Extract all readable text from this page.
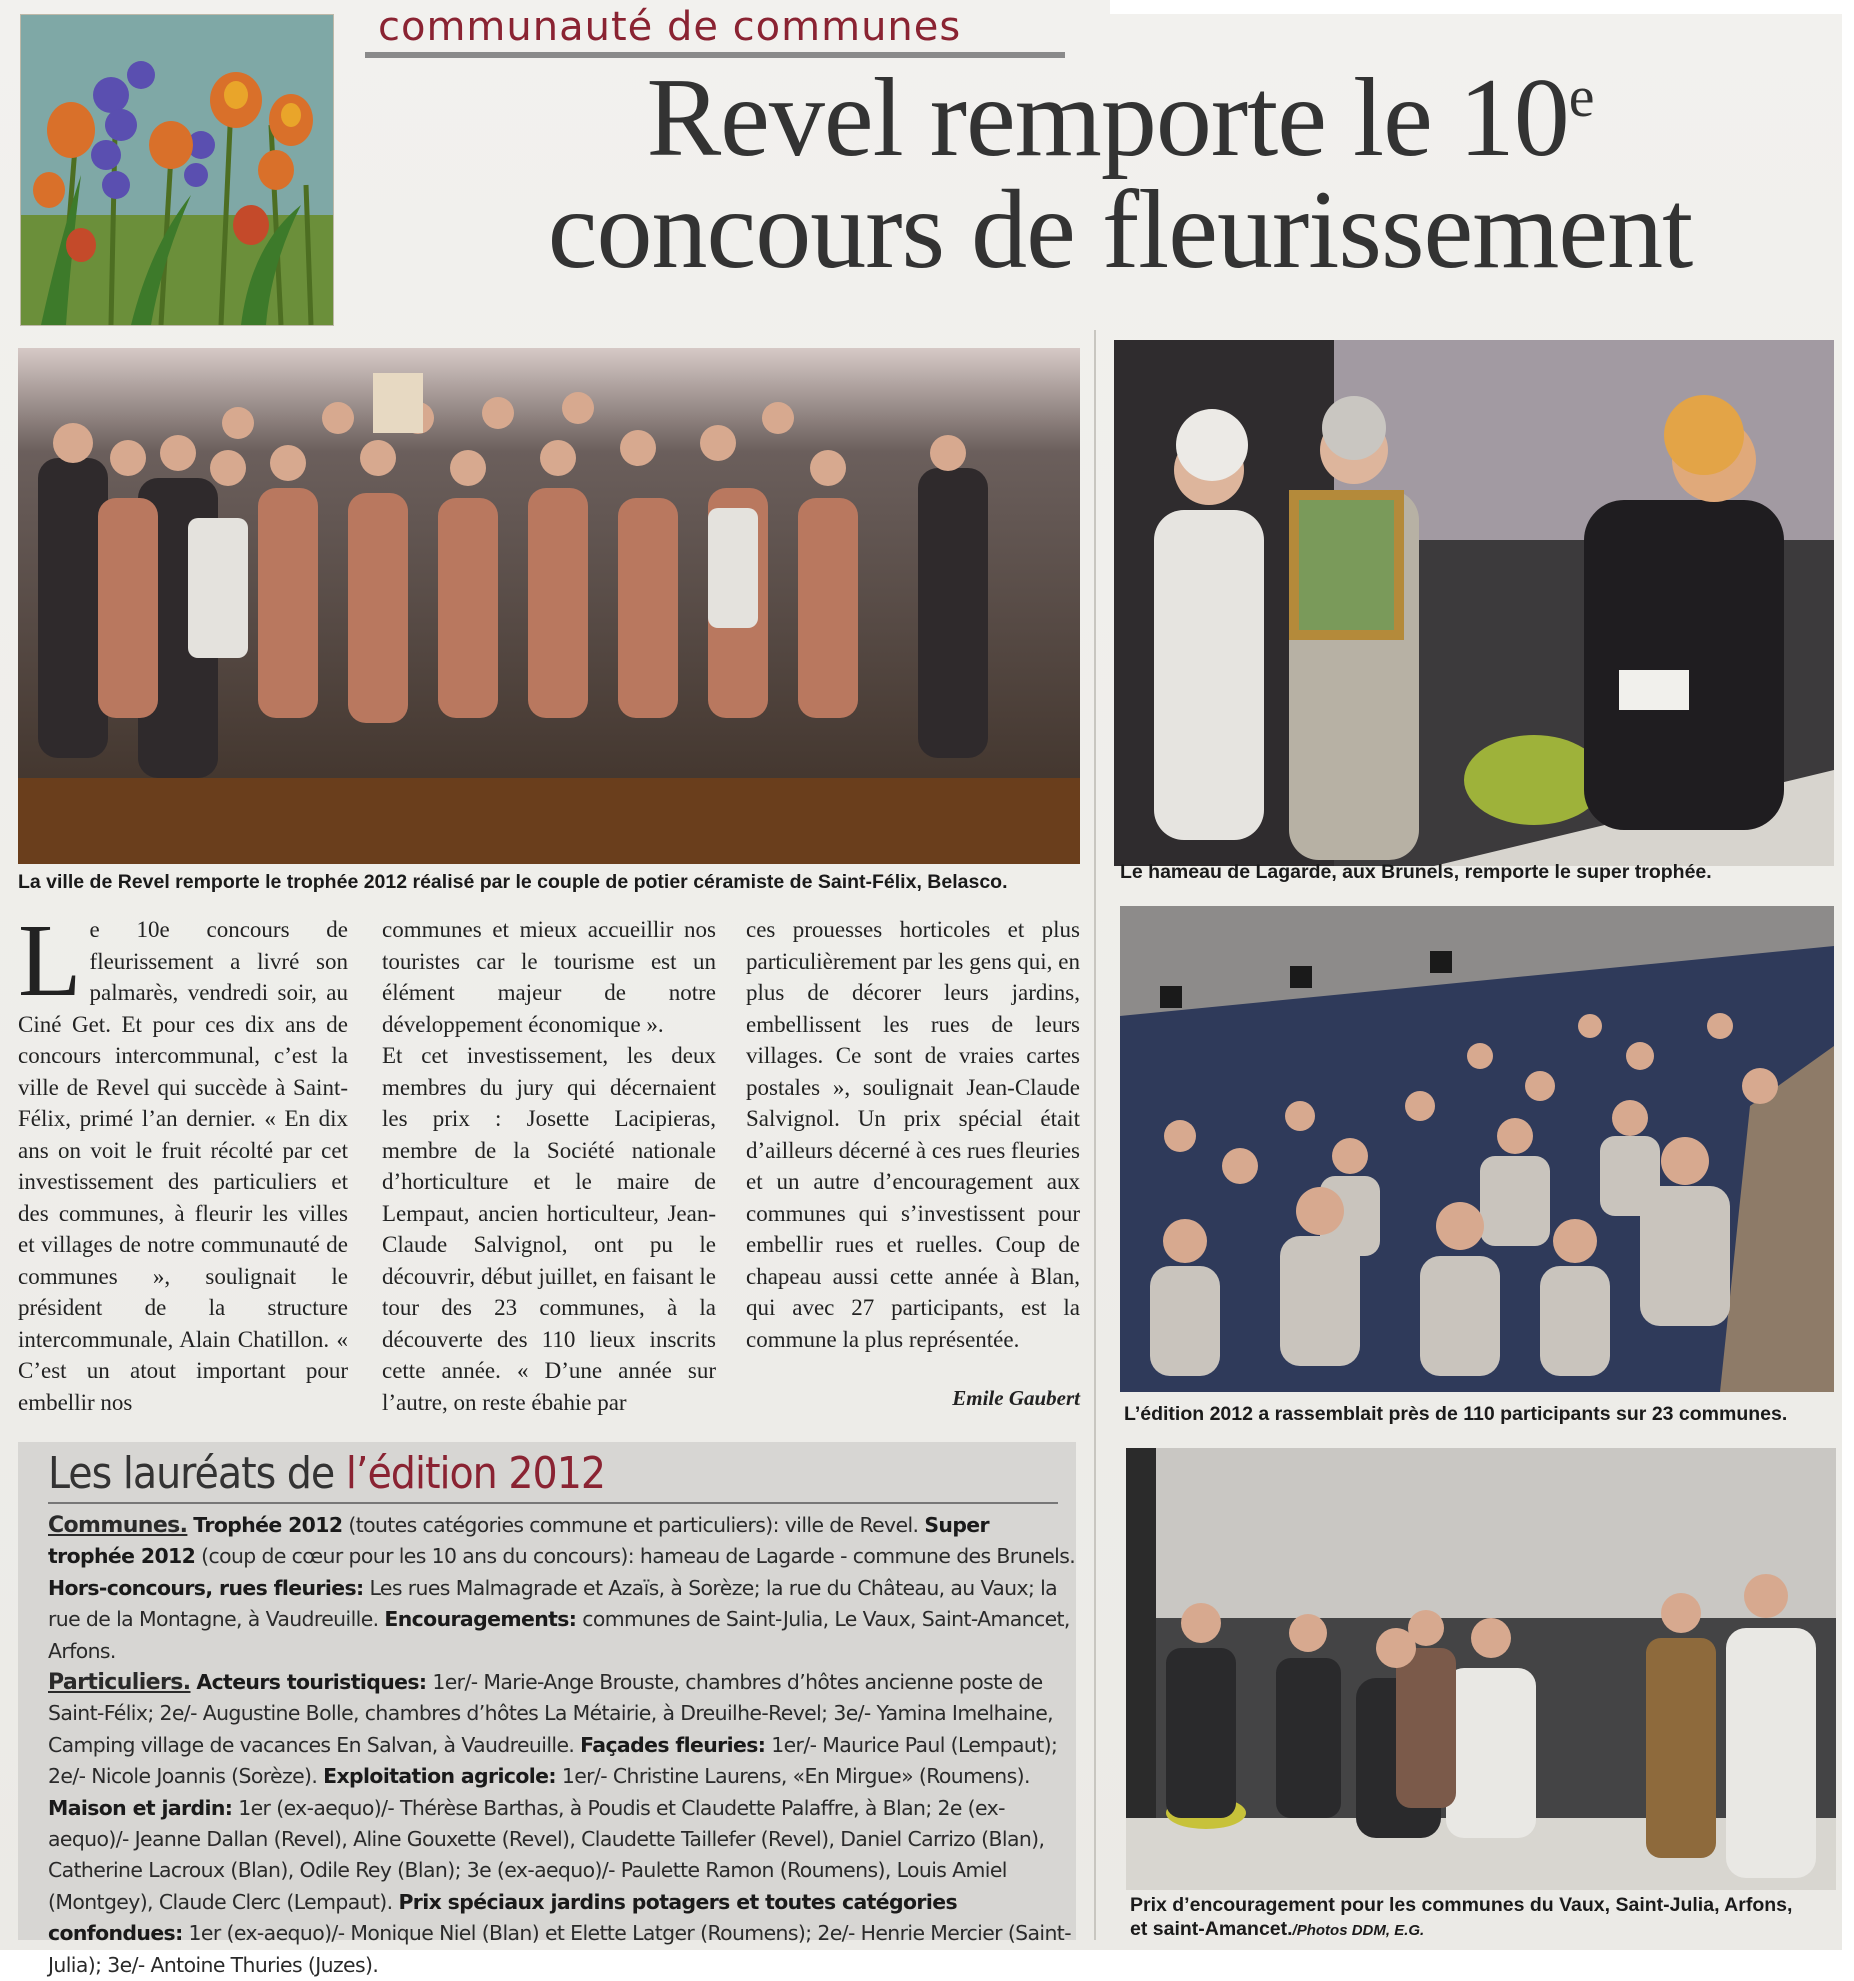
communauté de communes
Revel remporte le 10e
concours de fleurissement
La ville de Revel remporte le trophée 2012 réalisé par le couple de potier céramiste de Saint-Félix, Belasco.	Le hameau de Lagarde, aux Brunels, remporte le super trophée.
L’édition 2012 a rassemblait près de 110 participants sur 23 communes.
Prix d’encouragement pour les communes du Vaux, Saint-Julia, Arfons,
et saint-Amancet./Photos DDM, E.G.
L e 10e concours de fleurissement a livré son palmarès, vendredi soir, au Ciné Get. Et pour ces dix ans de concours intercommunal, c’est la ville de Revel qui succède à Saint-Félix, primé l’an dernier. « En dix ans on voit le fruit récolté par cet investissement des particuliers et des communes, à fleurir les villes et villages de notre communauté de communes », soulignait le président de la structure intercommunale, Alain Chatillon. « C’est un atout important pour embellir nos

communes et mieux accueillir nos touristes car le tourisme est un élément majeur de notre développement économique ».

Et cet investissement, les deux membres du jury qui décernaient les prix : Josette Lacipieras, membre de la Société nationale d’horticulture et le maire de Lempaut, ancien horticulteur, Jean-Claude Salvignol, ont pu le découvrir, début juillet, en faisant le tour des 23 communes, à la découverte des 110 lieux inscrits cette année. « D’une année sur l’autre, on reste ébahie par

ces prouesses horticoles et plus particulièrement par les gens qui, en plus de décorer leurs jardins, embellissent les rues de leurs villages. Ce sont de vraies cartes postales », soulignait Jean-Claude Salvignol. Un prix spécial était d’ailleurs décerné à ces rues fleuries et un autre d’encouragement aux communes qui s’investissent pour embellir rues et ruelles. Coup de chapeau aussi cette année à Blan, qui avec 27 participants, est la commune la plus représentée.

Emile Gaubert
Les lauréats de l’édition 2012
Communes. Trophée 2012 (toutes catégories commune et particuliers): ville de Revel. Super trophée 2012 (coup de cœur pour les 10 ans du concours): hameau de Lagarde - commune des Brunels. Hors-concours, rues fleuries: Les rues Malmagrade et Azaïs, à Sorèze; la rue du Château, au Vaux; la rue de la Montagne, à Vaudreuille. Encouragements: communes de Saint-Julia, Le Vaux, Saint-Amancet, Arfons.
Particuliers. Acteurs touristiques: 1er/- Marie-Ange Brouste, chambres d’hôtes ancienne poste de Saint-Félix; 2e/- Augustine Bolle, chambres d’hôtes La Métairie, à Dreuilhe-Revel; 3e/- Yamina Imelhaine, Camping village de vacances En Salvan, à Vaudreuille. Façades fleuries: 1er/- Maurice Paul (Lempaut); 2e/- Nicole Joannis (Sorèze). Exploitation agricole: 1er/- Christine Laurens, «En Mirgue» (Roumens). Maison et jardin: 1er (ex-aequo)/- Thérèse Barthas, à Poudis et Claudette Palaffre, à Blan; 2e (ex-aequo)/- Jeanne Dallan (Revel), Aline Gouxette (Revel), Claudette Taillefer (Revel), Daniel Carrizo (Blan), Catherine Lacroux (Blan), Odile Rey (Blan); 3e (ex-aequo)/- Paulette Ramon (Roumens), Louis Amiel (Montgey), Claude Clerc (Lempaut). Prix spéciaux jardins potagers et toutes catégories confondues: 1er (ex-aequo)/- Monique Niel (Blan) et Elette Latger (Roumens); 2e/- Henrie Mercier (Saint-Julia); 3e/- Antoine Thuries (Juzes).
